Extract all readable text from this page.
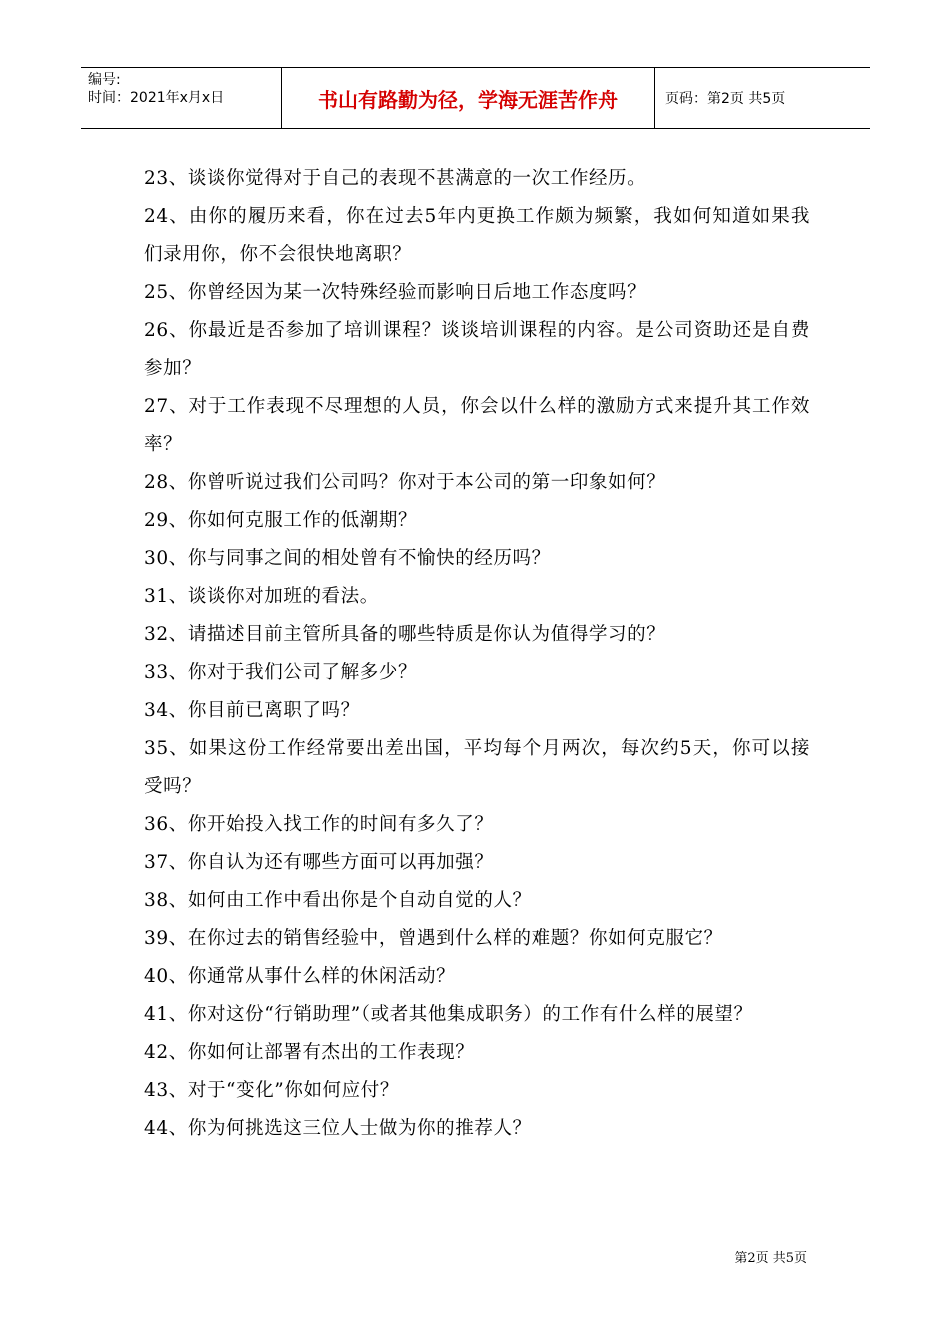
编号:
时间：2021年x月x日	书山有路勤为径，学海无涯苦作舟	页码：第2页 共5页

23、谈谈你觉得对于自己的表现不甚满意的一次工作经历。

24、由你的履历来看，你在过去5年内更换工作颇为频繁，我如何知道如果我们录用你，你不会很快地离职？

25、你曾经因为某一次特殊经验而影响日后地工作态度吗？

26、你最近是否参加了培训课程？谈谈培训课程的内容。是公司资助还是自费参加？

27、对于工作表现不尽理想的人员，你会以什么样的激励方式来提升其工作效率？

28、你曾听说过我们公司吗？你对于本公司的第一印象如何？

29、你如何克服工作的低潮期？

30、你与同事之间的相处曾有不愉快的经历吗？

31、谈谈你对加班的看法。

32、请描述目前主管所具备的哪些特质是你认为值得学习的？

33、你对于我们公司了解多少？

34、你目前已离职了吗？

35、如果这份工作经常要出差出国，平均每个月两次，每次约5天，你可以接受吗？

36、你开始投入找工作的时间有多久了？

37、你自认为还有哪些方面可以再加强？

38、如何由工作中看出你是个自动自觉的人？

39、在你过去的销售经验中，曾遇到什么样的难题？你如何克服它？

40、你通常从事什么样的休闲活动？

41、你对这份“行销助理”（或者其他集成职务）的工作有什么样的展望？

42、你如何让部署有杰出的工作表现？

43、对于“变化”你如何应付？

44、你为何挑选这三位人士做为你的推荐人？

第2页 共5页
